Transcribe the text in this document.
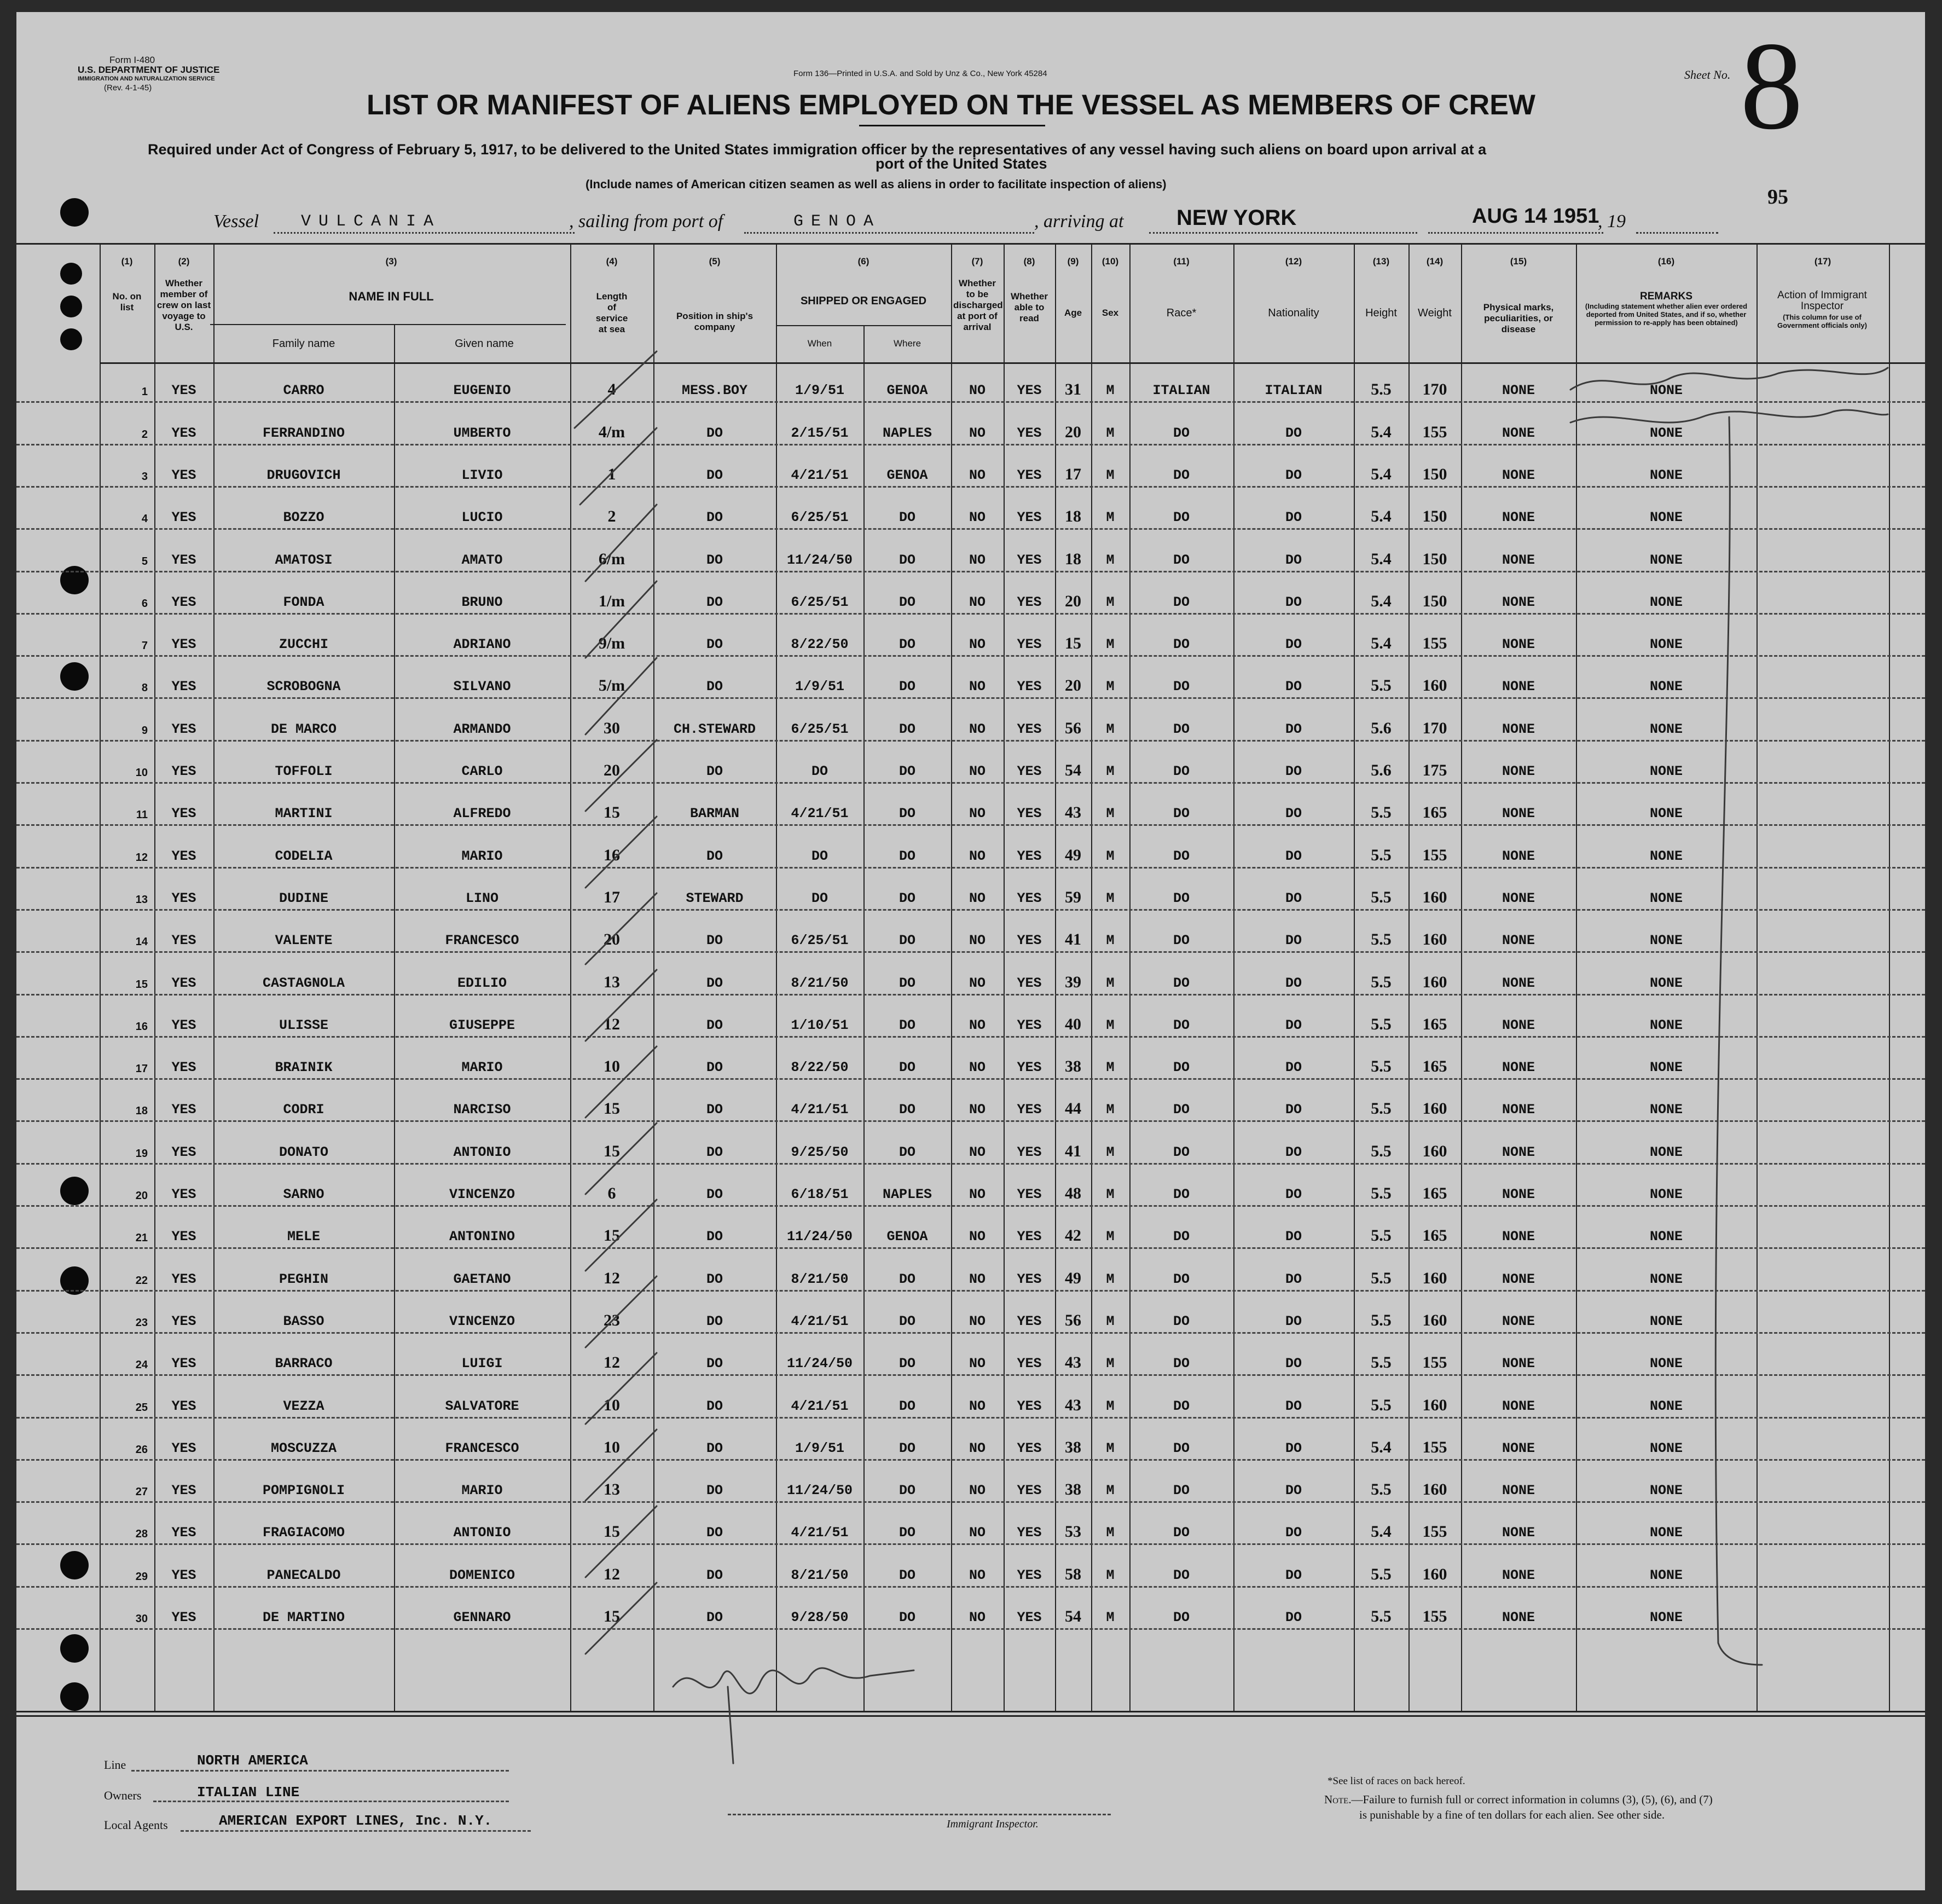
Form I-480
U.S. DEPARTMENT OF JUSTICE
IMMIGRATION AND NATURALIZATION SERVICE
(Rev. 4-1-45)
Form 136—Printed in U.S.A. and Sold by Unz & Co., New York 45284	Sheet No. 8
LIST OR MANIFEST OF ALIENS EMPLOYED ON THE VESSEL AS MEMBERS OF CREW
Required under Act of Congress of February 5, 1917, to be delivered to the United States immigration officer by the representatives of any vessel having such aliens on board upon arrival at a
port of the United States
(Include names of American citizen seamen as well as aliens in order to facilitate inspection of aliens)
95
Vessel	VULCANIA	, sailing from port of	GENOA	, arriving at NEW YORK	AUG 14 1951
, 19
(1)
No. on list
(2)
Whether member of crew on last voyage to U.S.
(3)
NAME IN FULL
Family name	Given name
(4)
Length of service at sea
(5)
Position in ship's company
(6)
SHIPPED OR ENGAGED
When	Where
(7)
Whether to be discharged at port of arrival
(8)
Whether able to read
(9)
Age
(10)
Sex
(11)
Race*
(12)
Nationality
(13)
Height
(14)
Weight
(15)
Physical marks, peculiarities, or disease
(16)
REMARKS
(Including statement whether alien ever ordered deported from United States, and if so, whether permission to re-apply has been obtained)
(17)
Action of Immigrant Inspector
(This column for use of Government officials only)
1	YES	CARRO	EUGENIO	4	MESS.BOY	1/9/51	GENOA	NO	YES	31	M	ITALIAN	ITALIAN	5.5	170	NONE	NONE
2	YES	FERRANDINO	UMBERTO	4/m	DO	2/15/51	NAPLES	NO	YES	20	M	DO	DO	5.4	155	NONE	NONE
3	YES	DRUGOVICH	LIVIO	1	DO	4/21/51	GENOA	NO	YES	17	M	DO	DO	5.4	150	NONE	NONE
4	YES	BOZZO	LUCIO	2	DO	6/25/51	DO	NO	YES	18	M	DO	DO	5.4	150	NONE	NONE
5	YES	AMATOSI	AMATO	6/m	DO	11/24/50	DO	NO	YES	18	M	DO	DO	5.4	150	NONE	NONE
6	YES	FONDA	BRUNO	1/m	DO	6/25/51	DO	NO	YES	20	M	DO	DO	5.4	150	NONE	NONE
7	YES	ZUCCHI	ADRIANO	9/m	DO	8/22/50	DO	NO	YES	15	M	DO	DO	5.4	155	NONE	NONE
8	YES	SCROBOGNA	SILVANO	5/m	DO	1/9/51	DO	NO	YES	20	M	DO	DO	5.5	160	NONE	NONE
9	YES	DE MARCO	ARMANDO	30	CH.STEWARD	6/25/51	DO	NO	YES	56	M	DO	DO	5.6	170	NONE	NONE
10	YES	TOFFOLI	CARLO	20	DO	DO	DO	NO	YES	54	M	DO	DO	5.6	175	NONE	NONE
11	YES	MARTINI	ALFREDO	15	BARMAN	4/21/51	DO	NO	YES	43	M	DO	DO	5.5	165	NONE	NONE
12	YES	CODELIA	MARIO	16	DO	DO	DO	NO	YES	49	M	DO	DO	5.5	155	NONE	NONE
13	YES	DUDINE	LINO	17	STEWARD	DO	DO	NO	YES	59	M	DO	DO	5.5	160	NONE	NONE
14	YES	VALENTE	FRANCESCO	20	DO	6/25/51	DO	NO	YES	41	M	DO	DO	5.5	160	NONE	NONE
15	YES	CASTAGNOLA	EDILIO	13	DO	8/21/50	DO	NO	YES	39	M	DO	DO	5.5	160	NONE	NONE
16	YES	ULISSE	GIUSEPPE	12	DO	1/10/51	DO	NO	YES	40	M	DO	DO	5.5	165	NONE	NONE
17	YES	BRAINIK	MARIO	10	DO	8/22/50	DO	NO	YES	38	M	DO	DO	5.5	165	NONE	NONE
18	YES	CODRI	NARCISO	15	DO	4/21/51	DO	NO	YES	44	M	DO	DO	5.5	160	NONE	NONE
19	YES	DONATO	ANTONIO	15	DO	9/25/50	DO	NO	YES	41	M	DO	DO	5.5	160	NONE	NONE
20	YES	SARNO	VINCENZO	6	DO	6/18/51	NAPLES	NO	YES	48	M	DO	DO	5.5	165	NONE	NONE
21	YES	MELE	ANTONINO	15	DO	11/24/50	GENOA	NO	YES	42	M	DO	DO	5.5	165	NONE	NONE
22	YES	PEGHIN	GAETANO	12	DO	8/21/50	DO	NO	YES	49	M	DO	DO	5.5	160	NONE	NONE
23	YES	BASSO	VINCENZO	23	DO	4/21/51	DO	NO	YES	56	M	DO	DO	5.5	160	NONE	NONE
24	YES	BARRACO	LUIGI	12	DO	11/24/50	DO	NO	YES	43	M	DO	DO	5.5	155	NONE	NONE
25	YES	VEZZA	SALVATORE	10	DO	4/21/51	DO	NO	YES	43	M	DO	DO	5.5	160	NONE	NONE
26	YES	MOSCUZZA	FRANCESCO	10	DO	1/9/51	DO	NO	YES	38	M	DO	DO	5.4	155	NONE	NONE
27	YES	POMPIGNOLI	MARIO	13	DO	11/24/50	DO	NO	YES	38	M	DO	DO	5.5	160	NONE	NONE
28	YES	FRAGIACOMO	ANTONIO	15	DO	4/21/51	DO	NO	YES	53	M	DO	DO	5.4	155	NONE	NONE
29	YES	PANECALDO	DOMENICO	12	DO	8/21/50	DO	NO	YES	58	M	DO	DO	5.5	160	NONE	NONE
30	YES	DE MARTINO	GENNARO	15	DO	9/28/50	DO	NO	YES	54	M	DO	DO	5.5	155	NONE	NONE
Line	NORTH AMERICA
Owners	ITALIAN LINE
Local Agents	AMERICAN EXPORT LINES, Inc. N.Y.	Immigrant Inspector.
*See list of races on back hereof.
Note.—Failure to furnish full or correct information in columns (3), (5), (6), and (7)
is punishable by a fine of ten dollars for each alien. See other side.
